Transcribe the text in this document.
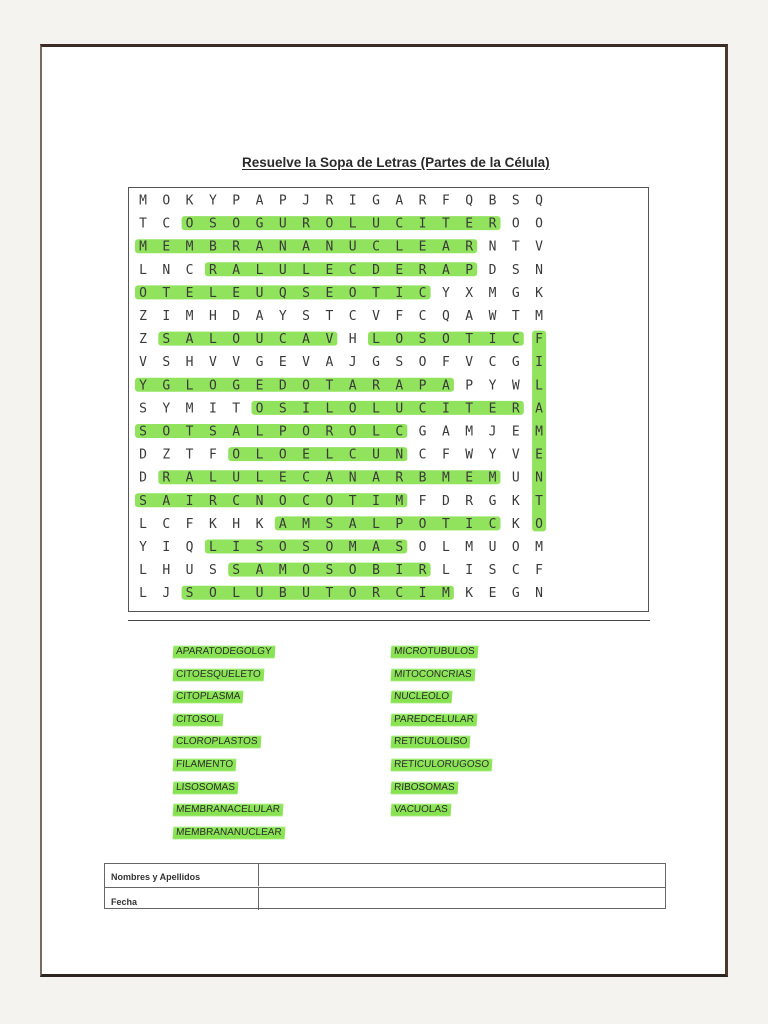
Resuelve la Sopa de Letras (Partes de la Célula)
M O K Y P A P J R I G A R F Q B S Q
T C O S O G U R O L U C I T E R O O
M E M B R A N A N U C L E A R N T V
L N C R A L U L E C D E R A P D S N
O T E L E U Q S E O T I C Y X M G K
Z I M H D A Y S T C V F C Q A W T M
Z S A L O U C A V H L O S O T I C F
V S H V V G E V A J G S O F V C G I
Y G L O G E D O T A R A P A P Y W L
S Y M I T O S I L O L U C I T E R A
S O T S A L P O R O L C G A M J E M
D Z T F O L O E L C U N C F W Y V E
D R A L U L E C A N A R B M E M U N
S A I R C N O C O T I M F D R G K T
L C F K H K A M S A L P O T I C K O
Y I Q L I S O S O M A S O L M U O M
L H U S S A M O S O B I R L I S C F
L J S O L U B U T O R C I M K E G N
APARATODEGOLGY
CITOESQUELETO
CITOPLASMA
CITOSOL
CLOROPLASTOS
FILAMENTO
LISOSOMAS
MEMBRANACELULAR
MEMBRANANUCLEAR
MICROTUBULOS
MITOCONCRIAS
NUCLEOLO
PAREDCELULAR
RETICULOLISO
RETICULORUGOSO
RIBOSOMAS
VACUOLAS
Nombres y Apellidos
Fecha
